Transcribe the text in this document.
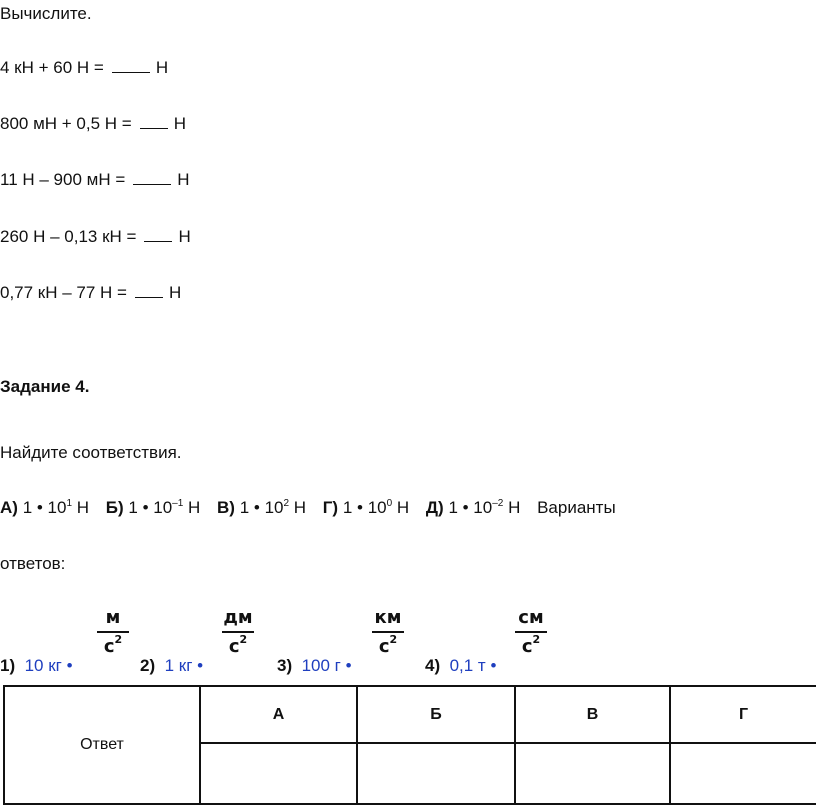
Вычислите.
4 кН + 60 Н =	Н
800 мН + 0,5 Н = Н
11 Н – 900 мН =	Н
260 Н – 0,13 кН = Н
0,77 кН – 77 Н = Н
Задание 4.
Найдите соответствия.
А) 1 • $10^1$ Н Б) 1 • $10^{-1}$ Н В) 1 • $10^2$ Н Г) 1 • $10^0$ Н Д) 1 • $10^{-2}$ Н Варианты
ответов:
1) 10 кг •
м
$с^2$
2) 1 кг •
дм
$с^2$
3) 100 г •
км
$с^2$
4) 0,1 т •
см
$с^2$
Ответ	А	Б	В	Г
